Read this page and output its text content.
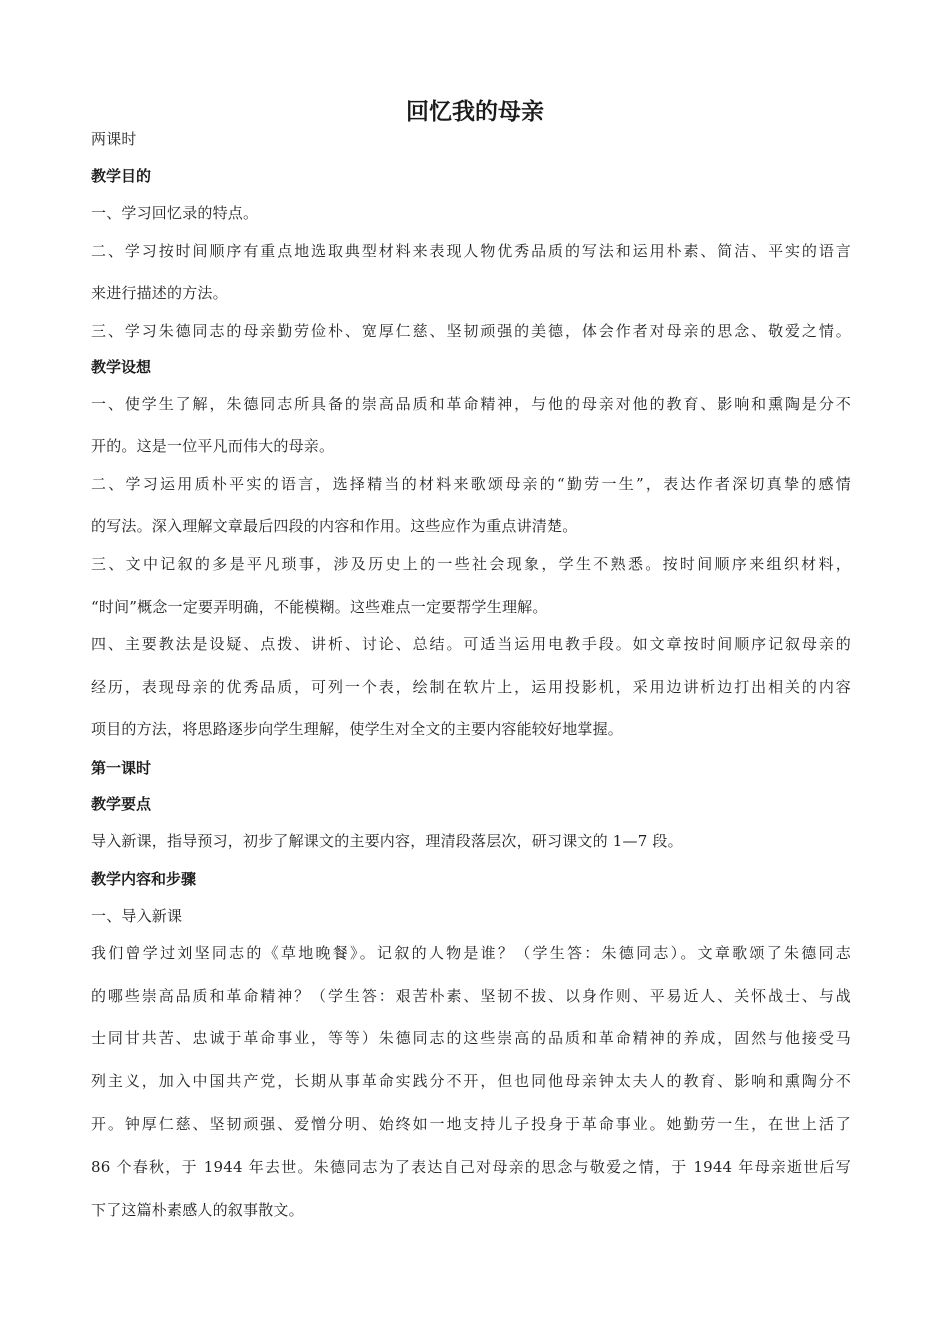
回忆我的母亲
两课时
教学目的
一、学习回忆录的特点。
二、学习按时间顺序有重点地选取典型材料来表现人物优秀品质的写法和运用朴素、简洁、平实的语言
来进行描述的方法。
三、学习朱德同志的母亲勤劳俭朴、宽厚仁慈、坚韧顽强的美德，体会作者对母亲的思念、敬爱之情。
教学设想
一、使学生了解，朱德同志所具备的崇高品质和革命精神，与他的母亲对他的教育、影响和熏陶是分不
开的。这是一位平凡而伟大的母亲。
二、学习运用质朴平实的语言，选择精当的材料来歌颂母亲的“勤劳一生”，表达作者深切真挚的感情
的写法。深入理解文章最后四段的内容和作用。这些应作为重点讲清楚。
三、文中记叙的多是平凡琐事，涉及历史上的一些社会现象，学生不熟悉。按时间顺序来组织材料，
“时间”概念一定要弄明确，不能模糊。这些难点一定要帮学生理解。
四、主要教法是设疑、点拨、讲析、讨论、总结。可适当运用电教手段。如文章按时间顺序记叙母亲的
经历，表现母亲的优秀品质，可列一个表，绘制在软片上，运用投影机，采用边讲析边打出相关的内容
项目的方法，将思路逐步向学生理解，使学生对全文的主要内容能较好地掌握。
第一课时
教学要点
导入新课，指导预习，初步了解课文的主要内容，理清段落层次，研习课文的 1—7 段。
教学内容和步骤
一、导入新课
我们曾学过刘坚同志的《草地晚餐》。记叙的人物是谁？（学生答：朱德同志）。文章歌颂了朱德同志
的哪些崇高品质和革命精神？（学生答：艰苦朴素、坚韧不拔、以身作则、平易近人、关怀战士、与战
士同甘共苦、忠诚于革命事业，等等）朱德同志的这些崇高的品质和革命精神的养成，固然与他接受马
列主义，加入中国共产党，长期从事革命实践分不开，但也同他母亲钟太夫人的教育、影响和熏陶分不
开。钟厚仁慈、坚韧顽强、爱憎分明、始终如一地支持儿子投身于革命事业。她勤劳一生，在世上活了
86 个春秋，于 1944 年去世。朱德同志为了表达自己对母亲的思念与敬爱之情，于 1944 年母亲逝世后写
下了这篇朴素感人的叙事散文。
